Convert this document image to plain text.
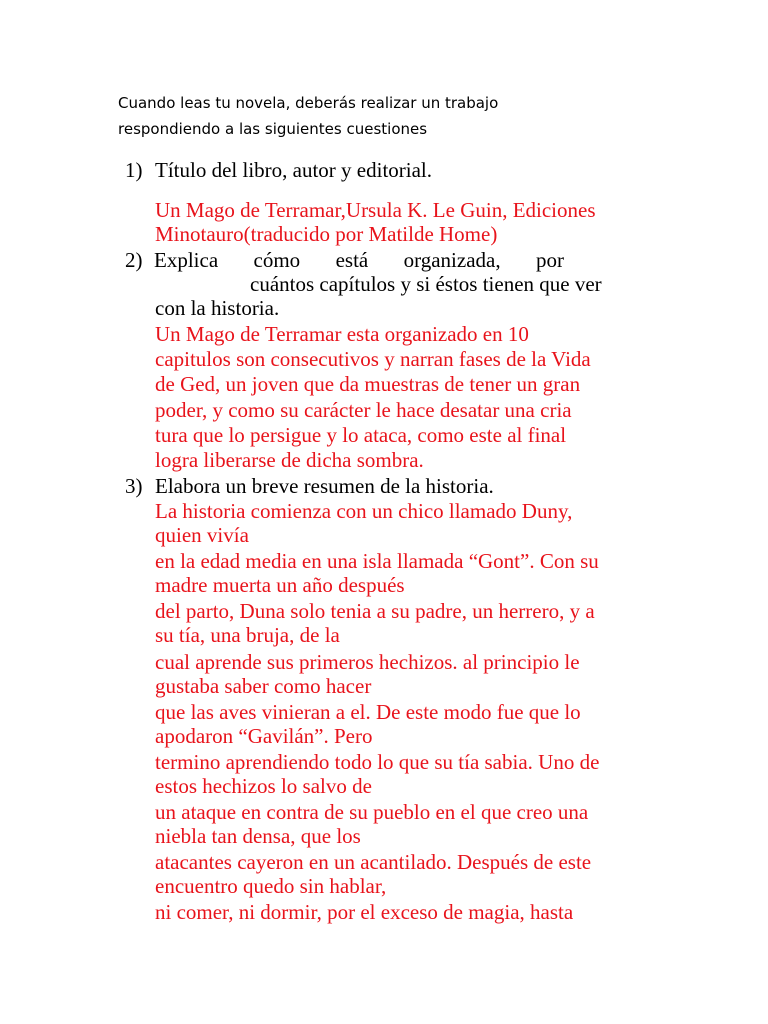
Cuando leas tu novela, deberás realizar un trabajo
respondiendo a las siguientes cuestiones
1) Título del libro, autor y editorial.
Un Mago de Terramar,Ursula K. Le Guin, Ediciones
Minotauro(traducido por Matilde Home)
2) Explica cómo está organizada, por
cuántos capítulos y si éstos tienen que ver
con la historia.
Un Mago de Terramar esta organizado en 10
capitulos son consecutivos y narran fases de la Vida
de Ged, un joven que da muestras de tener un gran
poder, y como su carácter le hace desatar una cria
tura que lo persigue y lo ataca, como este al final
logra liberarse de dicha sombra.
3) Elabora un breve resumen de la historia.
La historia comienza con un chico llamado Duny,
quien vivía
en la edad media en una isla llamada “Gont”. Con su
madre muerta un año después
del parto, Duna solo tenia a su padre, un herrero, y a
su tía, una bruja, de la
cual aprende sus primeros hechizos. al principio le
gustaba saber como hacer
que las aves vinieran a el. De este modo fue que lo
apodaron “Gavilán”. Pero
termino aprendiendo todo lo que su tía sabia. Uno de
estos hechizos lo salvo de
un ataque en contra de su pueblo en el que creo una
niebla tan densa, que los
atacantes cayeron en un acantilado. Después de este
encuentro quedo sin hablar,
ni comer, ni dormir, por el exceso de magia, hasta
